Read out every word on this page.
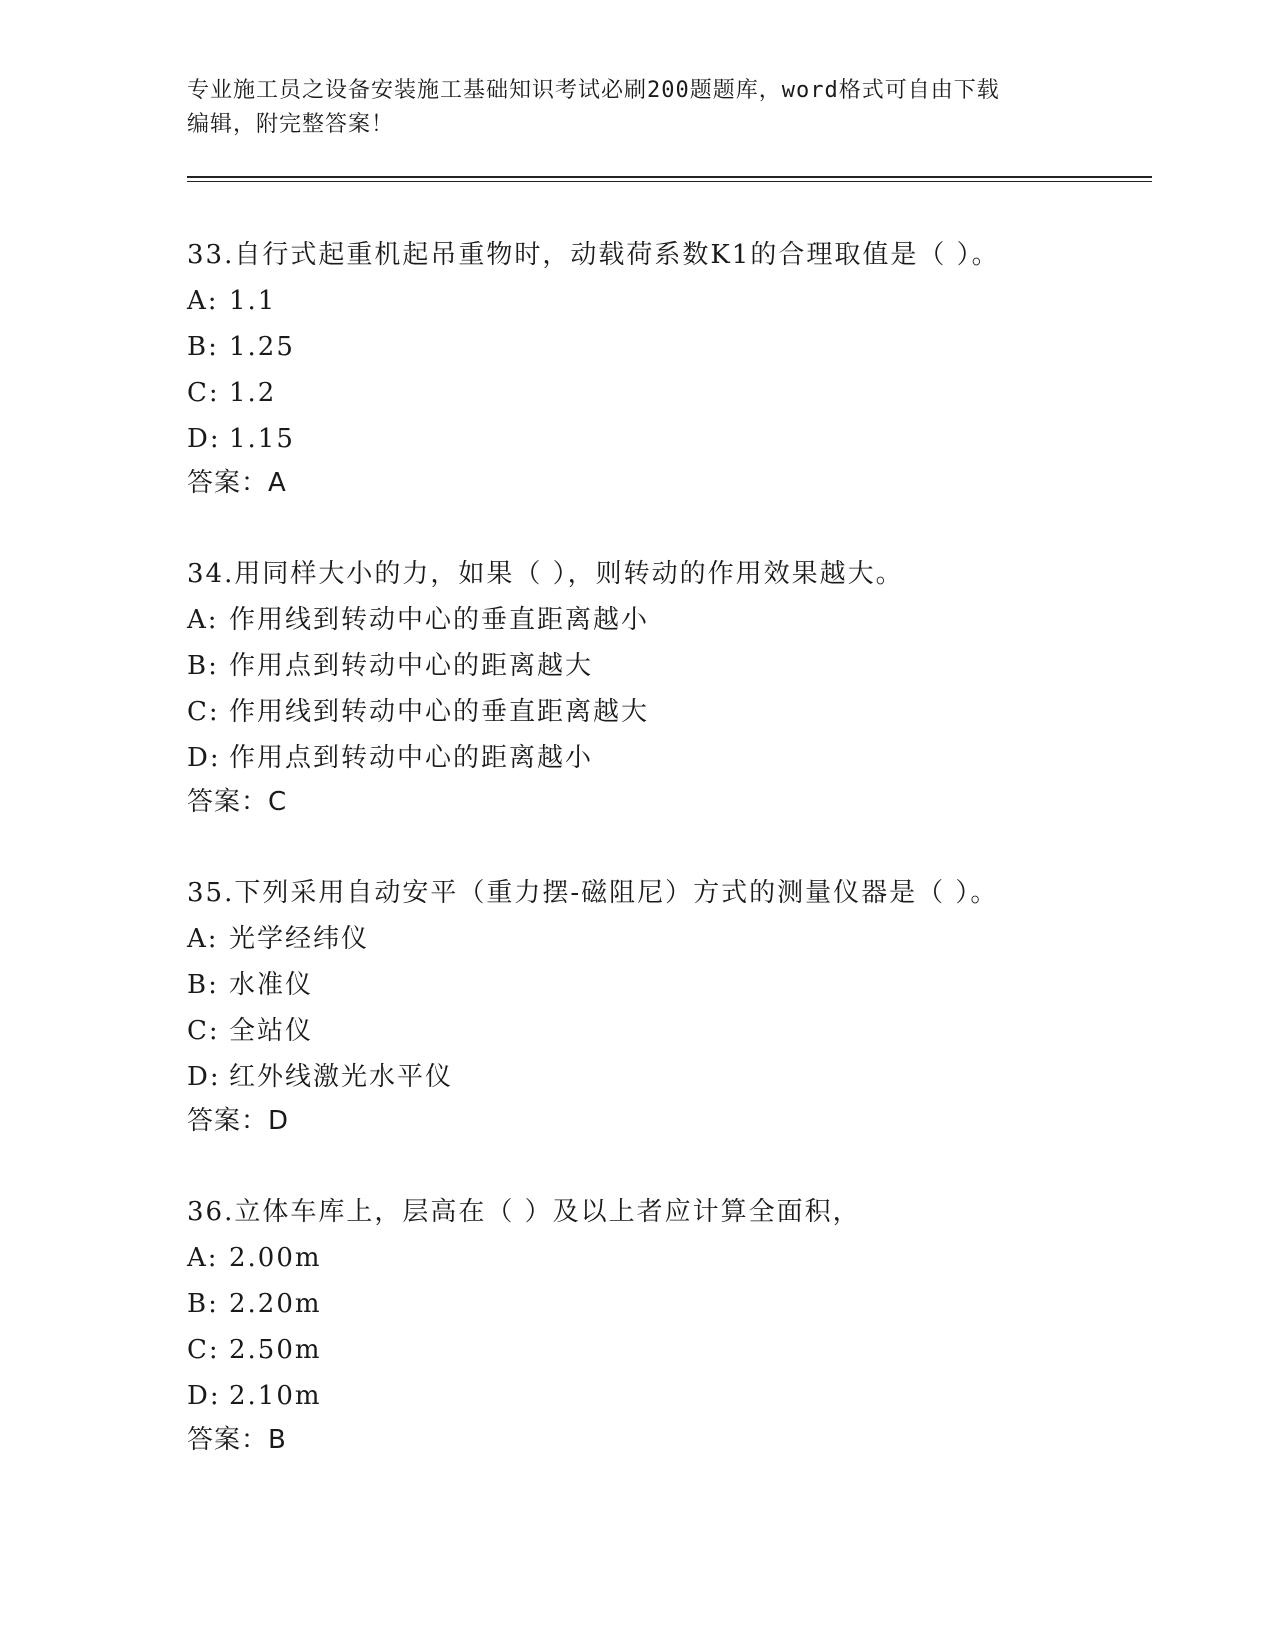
专业施工员之设备安装施工基础知识考试必刷200题题库，word格式可自由下载
编辑，附完整答案！
33.自行式起重机起吊重物时，动载荷系数K1的合理取值是（ ）。
A: 1.1
B: 1.25
C: 1.2
D: 1.15
答案：A
34.用同样大小的力，如果（ ），则转动的作用效果越大。
A: 作用线到转动中心的垂直距离越小
B: 作用点到转动中心的距离越大
C: 作用线到转动中心的垂直距离越大
D: 作用点到转动中心的距离越小
答案：C
35.下列采用自动安平（重力摆-磁阻尼）方式的测量仪器是（ ）。
A: 光学经纬仪
B: 水准仪
C: 全站仪
D: 红外线激光水平仪
答案：D
36.立体车库上，层高在（ ）及以上者应计算全面积，
A: 2.00m
B: 2.20m
C: 2.50m
D: 2.10m
答案：B
